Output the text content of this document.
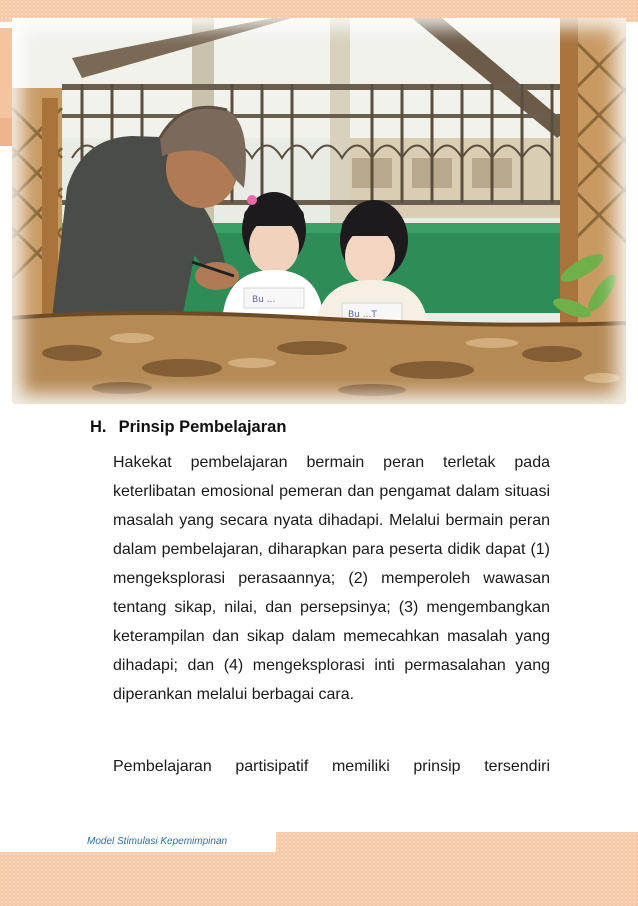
Bu ...
Bu ...T
H. Prinsip Pembelajaran

Hakekat pembelajaran bermain peran terletak pada keterlibatan emosional pemeran dan pengamat dalam situasi masalah yang secara nyata dihadapi. Melalui bermain peran dalam pembelajaran, diharapkan para peserta didik dapat (1) mengeksplorasi perasaannya; (2) memperoleh wawasan tentang sikap, nilai, dan persepsinya; (3) mengembangkan keterampilan dan sikap dalam memecahkan masalah yang dihadapi; dan (4) mengeksplorasi inti permasalahan yang diperankan melalui berbagai cara.

Pembelajaran partisipatif memiliki prinsip tersendiri

Model Stimulasi Kepemimpinan
